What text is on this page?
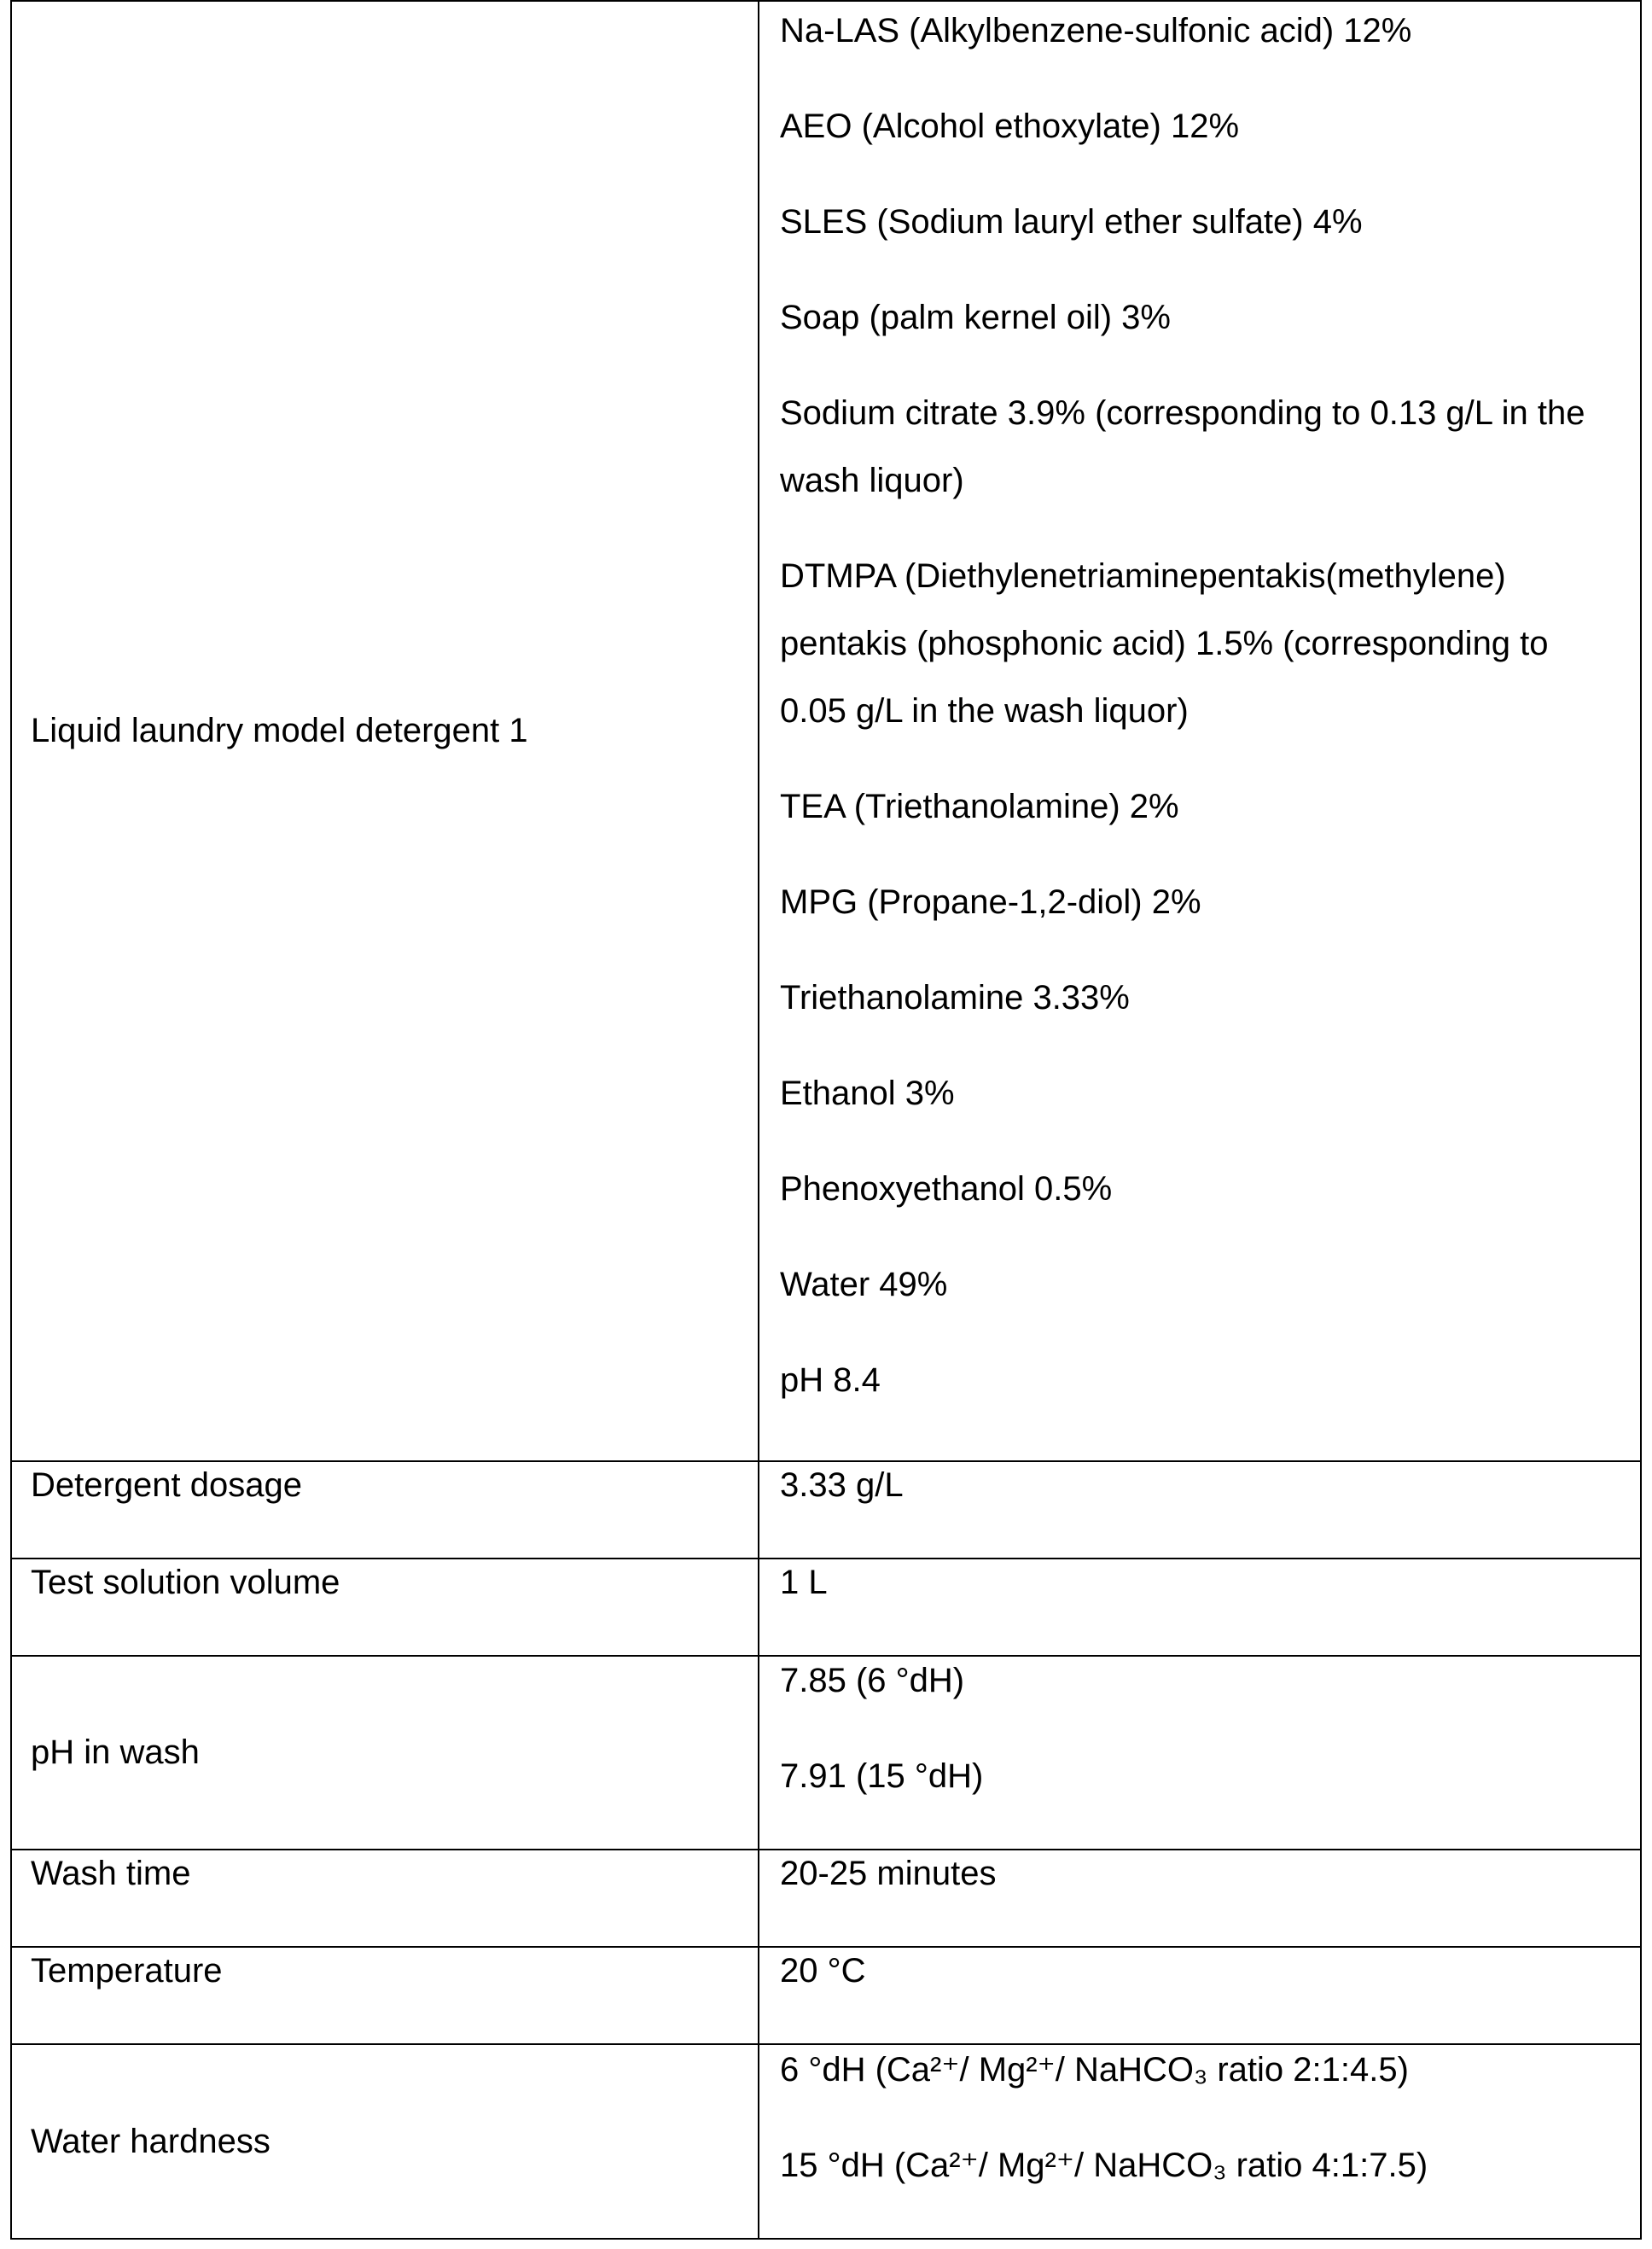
Liquid laundry model detergent 1

Na-LAS (Alkylbenzene-sulfonic acid) 12%

AEO (Alcohol ethoxylate) 12%

SLES (Sodium lauryl ether sulfate) 4%

Soap (palm kernel oil) 3%

Sodium citrate 3.9% (corresponding to 0.13 g/L in the wash liquor)

DTMPA (Diethylenetriaminepentakis(methylene) pentakis (phosphonic acid) 1.5% (corresponding to 0.05 g/L in the wash liquor)

TEA (Triethanolamine) 2%

MPG (Propane-1,2-diol) 2%

Triethanolamine 3.33%

Ethanol 3%

Phenoxyethanol 0.5%

Water 49%

pH 8.4

Detergent dosage	3.33 g/L

Test solution volume	1 L

pH in wash

7.85 (6 °dH)

7.91 (15 °dH)

Wash time	20-25 minutes

Temperature	20 °C

Water hardness

6 °dH (Ca²⁺/ Mg²⁺/ NaHCO₃ ratio 2:1:4.5)

15 °dH (Ca²⁺/ Mg²⁺/ NaHCO₃ ratio 4:1:7.5)
